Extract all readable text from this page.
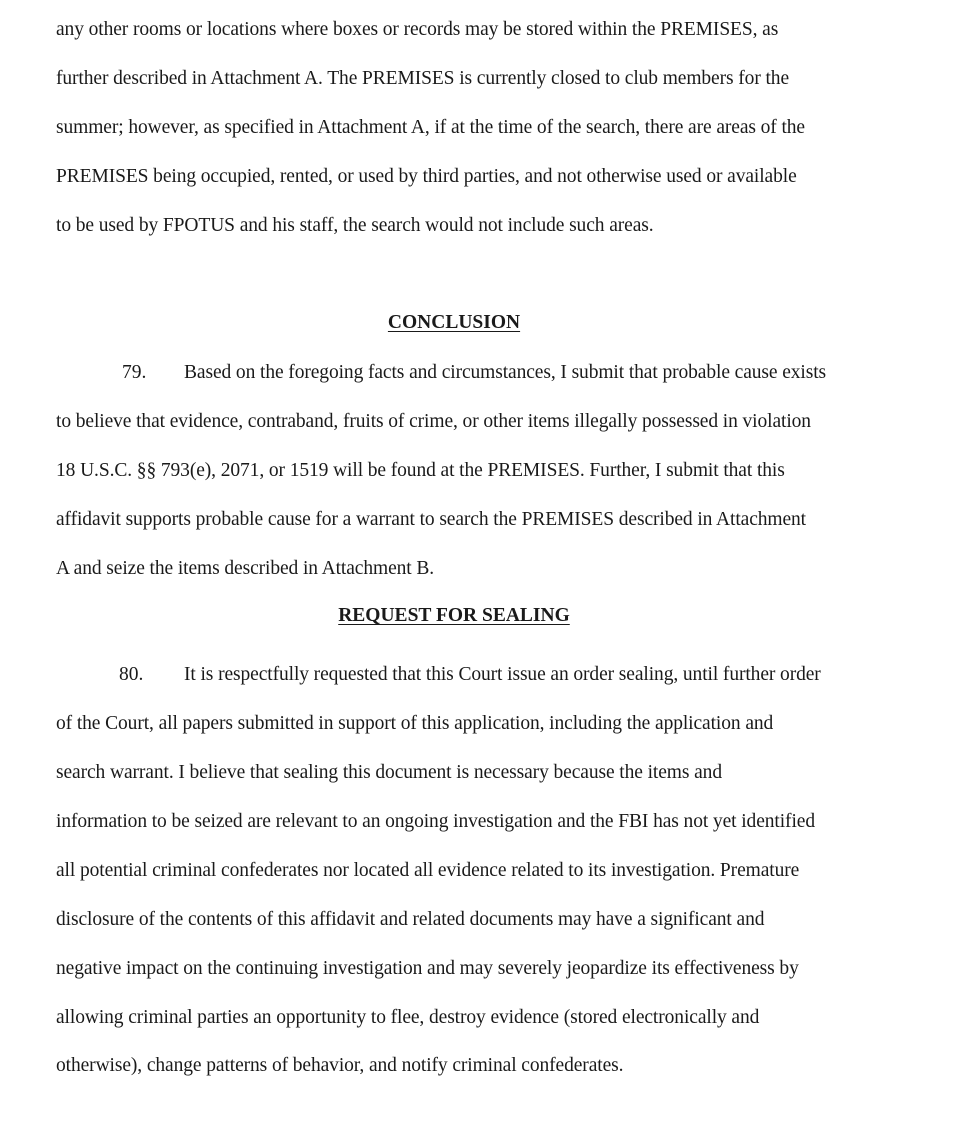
any other rooms or locations where boxes or records may be stored within the PREMISES, as
further described in Attachment A. The PREMISES is currently closed to club members for the
summer; however, as specified in Attachment A, if at the time of the search, there are areas of the
PREMISES being occupied, rented, or used by third parties, and not otherwise used or available
to be used by FPOTUS and his staff, the search would not include such areas.
CONCLUSION
79. Based on the foregoing facts and circumstances, I submit that probable cause exists
to believe that evidence, contraband, fruits of crime, or other items illegally possessed in violation
18 U.S.C. §§ 793(e), 2071, or 1519 will be found at the PREMISES. Further, I submit that this
affidavit supports probable cause for a warrant to search the PREMISES described in Attachment
A and seize the items described in Attachment B.
REQUEST FOR SEALING
80. It is respectfully requested that this Court issue an order sealing, until further order
of the Court, all papers submitted in support of this application, including the application and
search warrant. I believe that sealing this document is necessary because the items and
information to be seized are relevant to an ongoing investigation and the FBI has not yet identified
all potential criminal confederates nor located all evidence related to its investigation. Premature
disclosure of the contents of this affidavit and related documents may have a significant and
negative impact on the continuing investigation and may severely jeopardize its effectiveness by
allowing criminal parties an opportunity to flee, destroy evidence (stored electronically and
otherwise), change patterns of behavior, and notify criminal confederates.
